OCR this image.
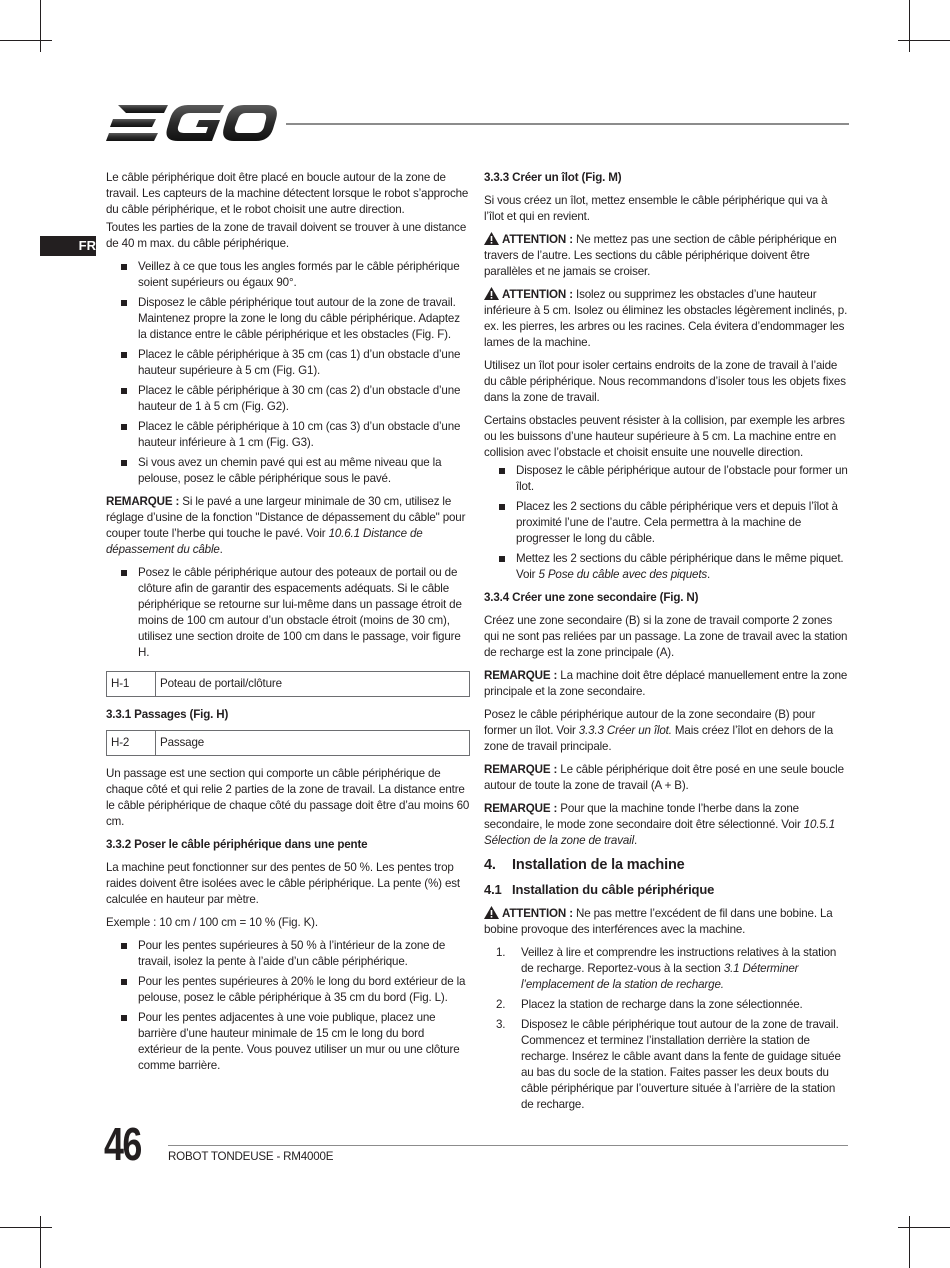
FR

Le câble périphérique doit être placé en boucle autour de la zone de travail. Les capteurs de la machine détectent lorsque le robot s’approche du câble périphérique, et le robot choisit une autre direction.

Toutes les parties de la zone de travail doivent se trouver à une distance de 40 m max. du câble périphérique.

Veillez à ce que tous les angles formés par le câble périphérique soient supérieurs ou égaux 90°.
Disposez le câble périphérique tout autour de la zone de travail. Maintenez propre la zone le long du câble périphérique. Adaptez la distance entre le câble périphérique et les obstacles (Fig. F).
Placez le câble périphérique à 35 cm (cas 1) d’un obstacle d’une hauteur supérieure à 5 cm (Fig. G1).
Placez le câble périphérique à 30 cm (cas 2) d’un obstacle d’une hauteur de 1 à 5 cm (Fig. G2).
Placez le câble périphérique à 10 cm (cas 3) d’un obstacle d’une hauteur inférieure à 1 cm (Fig. G3).
Si vous avez un chemin pavé qui est au même niveau que la pelouse, posez le câble périphérique sous le pavé.

REMARQUE : Si le pavé a une largeur minimale de 30 cm, utilisez le réglage d’usine de la fonction "Distance de dépassement du câble" pour couper toute l’herbe qui touche le pavé. Voir 10.6.1 Distance de dépassement du câble.

Posez le câble périphérique autour des poteaux de portail ou de clôture afin de garantir des espacements adéquats. Si le câble périphérique se retourne sur lui-même dans un passage étroit de moins de 100 cm autour d’un obstacle étroit (moins de 30 cm), utilisez une section droite de 100 cm dans le passage, voir figure H.
H-1	Poteau de portail/clôture

3.3.1 Passages (Fig. H)

H-2	Passage

Un passage est une section qui comporte un câble périphérique de chaque côté et qui relie 2 parties de la zone de travail. La distance entre le câble périphérique de chaque côté du passage doit être d’au moins 60 cm.

3.3.2 Poser le câble périphérique dans une pente

La machine peut fonctionner sur des pentes de 50 %. Les pentes trop raides doivent être isolées avec le câble périphérique. La pente (%) est calculée en hauteur par mètre.

Exemple : 10 cm / 100 cm = 10 % (Fig. K).

Pour les pentes supérieures à 50 % à l’intérieur de la zone de travail, isolez la pente à l’aide d’un câble périphérique.
Pour les pentes supérieures à 20% le long du bord extérieur de la pelouse, posez le câble périphérique à 35 cm du bord (Fig. L).
Pour les pentes adjacentes à une voie publique, placez une barrière d’une hauteur minimale de 15 cm le long du bord extérieur de la pente. Vous pouvez utiliser un mur ou une clôture comme barrière.

3.3.3 Créer un îlot (Fig. M)

Si vous créez un îlot, mettez ensemble le câble périphérique qui va à l’îlot et qui en revient.

ATTENTION : Ne mettez pas une section de câble périphérique en travers de l’autre. Les sections du câble périphérique doivent être parallèles et ne jamais se croiser.

ATTENTION : Isolez ou supprimez les obstacles d’une hauteur inférieure à 5 cm. Isolez ou éliminez les obstacles légèrement inclinés, p. ex. les pierres, les arbres ou les racines. Cela évitera d’endommager les lames de la machine.

Utilisez un îlot pour isoler certains endroits de la zone de travail à l’aide du câble périphérique. Nous recommandons d’isoler tous les objets fixes dans la zone de travail.

Certains obstacles peuvent résister à la collision, par exemple les arbres ou les buissons d’une hauteur supérieure à 5 cm. La machine entre en collision avec l’obstacle et choisit ensuite une nouvelle direction.

Disposez le câble périphérique autour de l’obstacle pour former un îlot.
Placez les 2 sections du câble périphérique vers et depuis l’îlot à proximité l’une de l’autre. Cela permettra à la machine de progresser le long du câble.
Mettez les 2 sections du câble périphérique dans le même piquet. Voir 5 Pose du câble avec des piquets.

3.3.4 Créer une zone secondaire (Fig. N)

Créez une zone secondaire (B) si la zone de travail comporte 2 zones qui ne sont pas reliées par un passage. La zone de travail avec la station de recharge est la zone principale (A).

REMARQUE : La machine doit être déplacé manuellement entre la zone principale et la zone secondaire.

Posez le câble périphérique autour de la zone secondaire (B) pour former un îlot. Voir 3.3.3 Créer un îlot. Mais créez l’îlot en dehors de la zone de travail principale.

REMARQUE : Le câble périphérique doit être posé en une seule boucle autour de toute la zone de travail (A + B).

REMARQUE : Pour que la machine tonde l’herbe dans la zone secondaire, le mode zone secondaire doit être sélectionné. Voir 10.5.1 Sélection de la zone de travail.

4. Installation de la machine

4.1 Installation du câble périphérique

ATTENTION : Ne pas mettre l’excédent de fil dans une bobine. La bobine provoque des interférences avec la machine.

1. Veillez à lire et comprendre les instructions relatives à la station de recharge. Reportez-vous à la section 3.1 Déterminer l’emplacement de la station de recharge.
2. Placez la station de recharge dans la zone sélectionnée.
3. Disposez le câble périphérique tout autour de la zone de travail. Commencez et terminez l’installation derrière la station de recharge. Insérez le câble avant dans la fente de guidage située au bas du socle de la station. Faites passer les deux bouts du câble périphérique par l’ouverture située à l’arrière de la station de recharge.
46 ROBOT TONDEUSE - RM4000E
